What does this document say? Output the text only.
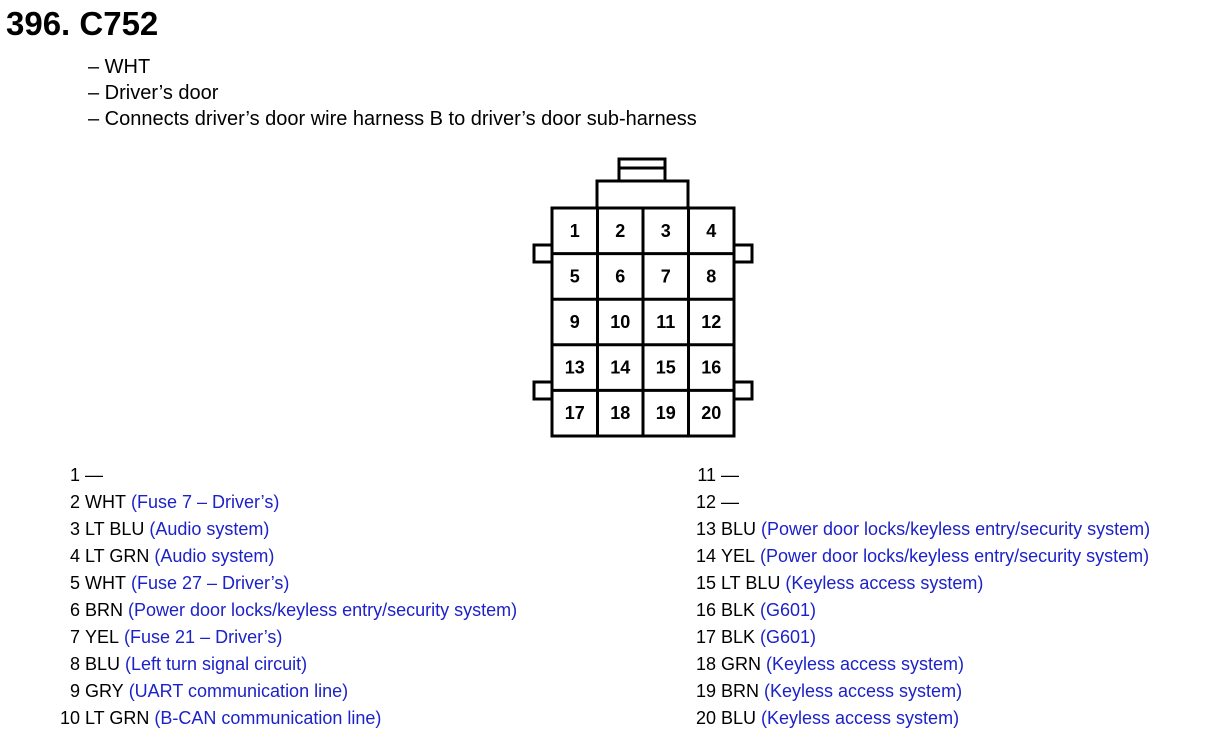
396. C752
– WHT
– Driver’s door
– Connects driver’s door wire harness B to driver’s door sub-harness
1 2 3 4
5 6 7 8
9 10 11 12
13 14 15 16
17 18 19 20
1 —
2 WHT (Fuse 7 – Driver’s)
3 LT BLU (Audio system)
4 LT GRN (Audio system)
5 WHT (Fuse 27 – Driver’s)
6 BRN (Power door locks/keyless entry/security system)
7 YEL (Fuse 21 – Driver’s)
8 BLU (Left turn signal circuit)
9 GRY (UART communication line)
10 LT GRN (B-CAN communication line)
11 —
12 —
13 BLU (Power door locks/keyless entry/security system)
14 YEL (Power door locks/keyless entry/security system)
15 LT BLU (Keyless access system)
16 BLK (G601)
17 BLK (G601)
18 GRN (Keyless access system)
19 BRN (Keyless access system)
20 BLU (Keyless access system)
